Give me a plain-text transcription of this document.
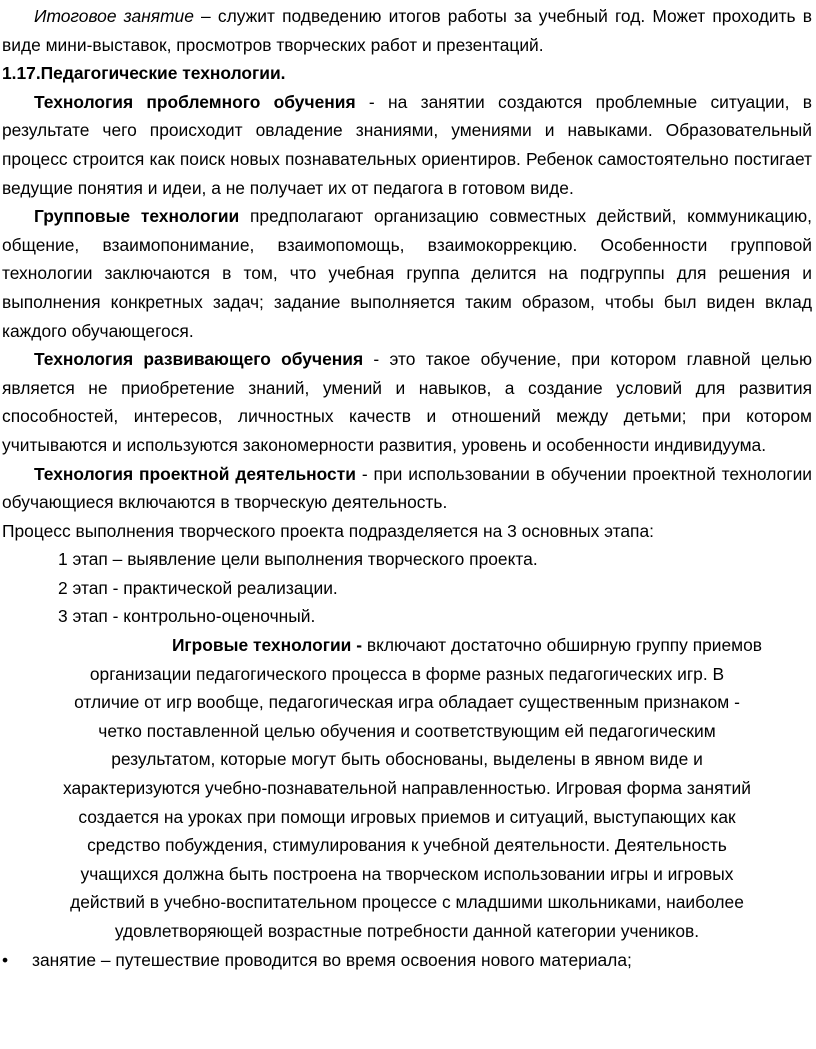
Итоговое занятие – служит подведению итогов работы за учебный год. Может проходить в виде мини-выставок, просмотров творческих работ и презентаций.

1.17.Педагогические технологии.

Технология проблемного обучения - на занятии создаются проблемные ситуации, в результате чего происходит овладение знаниями, умениями и навыками. Образовательный процесс строится как поиск новых познавательных ориентиров. Ребенок самостоятельно постигает ведущие понятия и идеи, а не получает их от педагога в готовом виде.

Групповые технологии предполагают организацию совместных действий, коммуникацию, общение, взаимопонимание, взаимопомощь, взаимокоррекцию. Особенности групповой технологии заключаются в том, что учебная группа делится на подгруппы для решения и выполнения конкретных задач; задание выполняется таким образом, чтобы был виден вклад каждого обучающегося.

Технология развивающего обучения - это такое обучение, при котором главной целью является не приобретение знаний, умений и навыков, а создание условий для развития способностей, интересов, личностных качеств и отношений между детьми; при котором учитываются и используются закономерности развития, уровень и особенности индивидуума.

Технология проектной деятельности - при использовании в обучении проектной технологии обучающиеся включаются в творческую деятельность.

Процесс выполнения творческого проекта подразделяется на 3 основных этапа:

1 этап – выявление цели выполнения творческого проекта.

2 этап - практической реализации.

3 этап - контрольно-оценочный.

Игровые технологии - включают достаточно обширную группу приемов

организации педагогического процесса в форме разных педагогических игр. В

отличие от игр вообще, педагогическая игра обладает существенным признаком -

четко поставленной целью обучения и соответствующим ей педагогическим

результатом, которые могут быть обоснованы, выделены в явном виде и

характеризуются учебно-познавательной направленностью. Игровая форма занятий

создается на уроках при помощи игровых приемов и ситуаций, выступающих как

средство побуждения, стимулирования к учебной деятельности. Деятельность

учащихся должна быть построена на творческом использовании игры и игровых

действий в учебно-воспитательном процессе с младшими школьниками, наиболее

удовлетворяющей возрастные потребности данной категории учеников.

•	занятие – путешествие проводится во время освоения нового материала;
